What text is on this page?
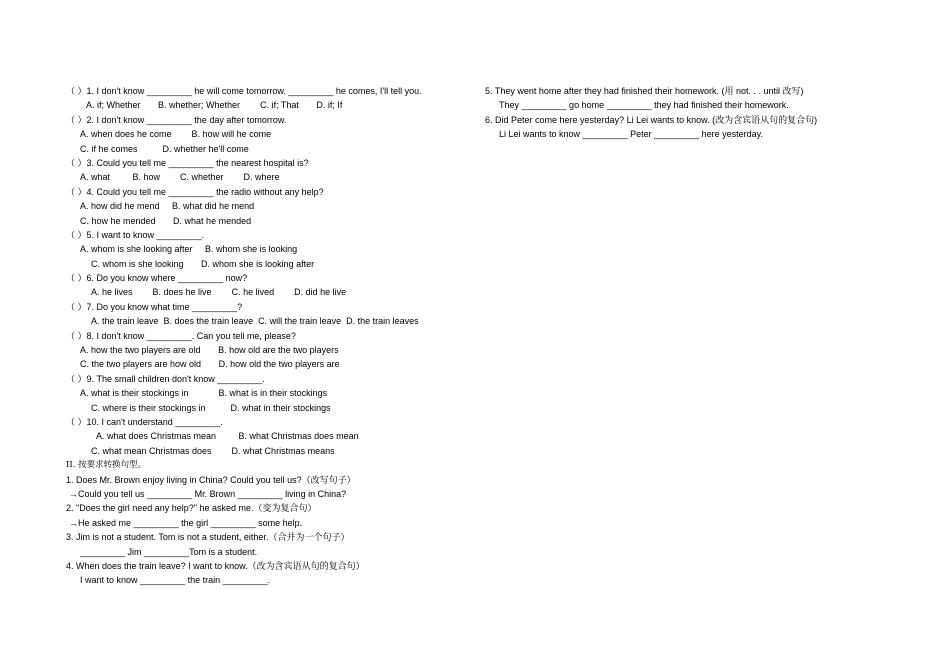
（ ）1. I don't know _________ he will come tomorrow. _________ he comes, I'll tell you.
A. if; Whether       B. whether; Whether        C. if; That       D. if; If
（ ）2. I don't know _________ the day after tomorrow.
A. when does he come        B. how will he come
C. if he comes          D. whether he'll come
（ ）3. Could you tell me _________ the nearest hospital is?
A. what         B. how        C. whether        D. where
（ ）4. Could you tell me _________ the radio without any help?
A. how did he mend     B. what did he mend
C. how he mended       D. what he mended
（ ）5. I want to know _________.
A. whom is she looking after     B. whom she is looking
C. whom is she looking       D. whom she is looking after
（ ）6. Do you know where _________ now?
A. he lives        B. does he live        C. he lived        D. did he live
（ ）7. Do you know what time _________?
A. the train leave  B. does the train leave  C. will the train leave  D. the train leaves
（ ）8. I don't know _________. Can you tell me, please?
A. how the two players are old       B. how old are the two players
C. the two players are how old       D. how old the two players are
（ ）9. The small children don't know _________.
A. what is their stockings in            B. what is in their stockings
C. where is their stockings in          D. what in their stockings
（ ）10. I can't understand _________.
A. what does Christmas mean         B. what Christmas does mean
C. what mean Christmas does        D. what Christmas means
II. 按要求转换句型。
1. Does Mr. Brown enjoy living in China? Could you tell us?（改写句子）
→Could you tell us _________ Mr. Brown _________ living in China?
2. "Does the girl need any help?" he asked me.（变为复合句）
→He asked me _________ the girl _________ some help.
3. Jim is not a student. Tom is not a student, either.（合并为一个句子）
_________ Jim _________Tom is a student.
4. When does the train leave? I want to know.（改为含宾语从句的复合句）
I want to know _________ the train _________.
5. They went home after they had finished their homework. (用 not. . . until 改写)
They _________ go home _________ they had finished their homework.
6. Did Peter come here yesterday? Li Lei wants to know. (改为含宾语从句的复合句)
Li Lei wants to know _________ Peter _________ here yesterday.
